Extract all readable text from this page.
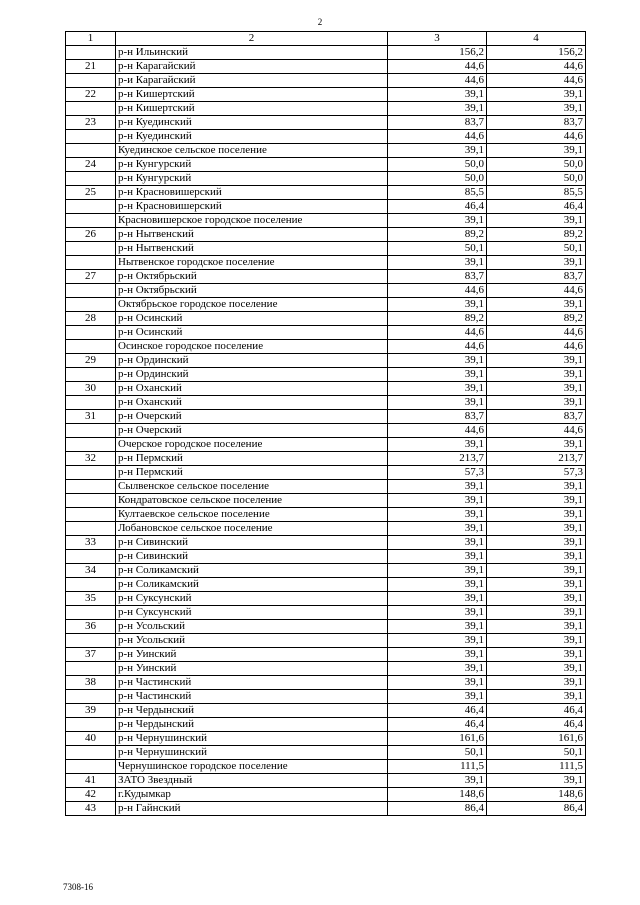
2
1	2	3	4
	р-н Ильинский	156,2	156,2
21	р-н Карагайский	44,6	44,6
	р-и Карагайский	44,6	44,6
22	р-н Кишертский	39,1	39,1
	р-н Кишертский	39,1	39,1
23	р-н Куединский	83,7	83,7
	р-н Куединский	44,6	44,6
	Куединское сельское поселение	39,1	39,1
24	р-н Кунгурский	50,0	50,0
	р-н Кунгурский	50,0	50,0
25	р-н Красновишерский	85,5	85,5
	р-н Красновишерский	46,4	46,4
	Красновишерское городское поселение	39,1	39,1
26	р-н Нытвенский	89,2	89,2
	р-н Нытвенский	50,1	50,1
	Нытвенское городское поселение	39,1	39,1
27	р-н Октябрьский	83,7	83,7
	р-н Октябрьский	44,6	44,6
	Октябрьское городское поселение	39,1	39,1
28	р-н Осинский	89,2	89,2
	р-н Осинский	44,6	44,6
	Осинское городское поселение	44,6	44,6
29	р-н Ординский	39,1	39,1
	р-н Ординский	39,1	39,1
30	р-н Оханский	39,1	39,1
	р-н Оханский	39,1	39,1
31	р-н Очерский	83,7	83,7
	р-н Очерский	44,6	44,6
	Очерское городское поселение	39,1	39,1
32	р-н Пермский	213,7	213,7
	р-н Пермский	57,3	57,3
	Сылвенское сельское поселение	39,1	39,1
	Кондратовское сельское поселение	39,1	39,1
	Култаевское сельское поселение	39,1	39,1
	Лобановское сельское поселение	39,1	39,1
33	р-н Сивинский	39,1	39,1
	р-н Сивинский	39,1	39,1
34	р-н Соликамский	39,1	39,1
	р-н Соликамский	39,1	39,1
35	р-н Суксунский	39,1	39,1
	р-н Суксунский	39,1	39,1
36	р-н Усольский	39,1	39,1
	р-н Усольский	39,1	39,1
37	р-н Уинский	39,1	39,1
	р-н Уинский	39,1	39,1
38	р-н Частинский	39,1	39,1
	р-н Частинский	39,1	39,1
39	р-н Чердынский	46,4	46,4
	р-н Чердынский	46,4	46,4
40	р-н Чернушинский	161,6	161,6
	р-н Чернушинский	50,1	50,1
	Чернушинское городское поселение	111,5	111,5
41	ЗАТО Звездный	39,1	39,1
42	г.Кудымкар	148,6	148,6
43	р-н Гайнский	86,4	86,4
7308-16
